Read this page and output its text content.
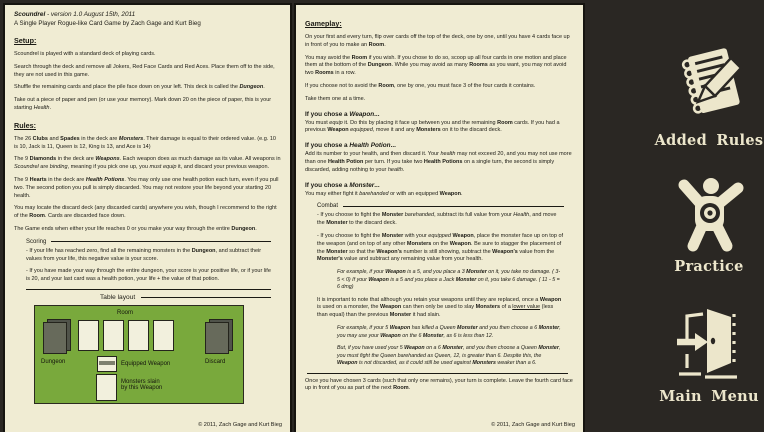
Scoundrel - version 1.0 August 15th, 2011
A Single Player Rogue-like Card Game by Zach Gage and Kurt Bieg
Setup:

Scoundrel is played with a standard deck of playing cards.

Search through the deck and remove all Jokers, Red Face Cards and Red Aces. Place them off to the side, they are not used in this game.

Shuffle the remaining cards and place the pile face down on your left. This deck is called the Dungeon.

Take out a piece of paper and pen (or use your memory). Mark down 20 on the piece of paper, this is your starting Health.

Rules:

The 26 Clubs and Spades in the deck are Monsters. Their damage is equal to their ordered value. (e.g. 10 is 10, Jack is 11, Queen is 12, King is 13, and Ace is 14)

The 9 Diamonds in the deck are Weapons. Each weapon does as much damage as its value. All weapons in Scoundrel are binding, meaning if you pick one up, you must equip it, and discard your previous weapon.

The 9 Hearts in the deck are Health Potions. You may only use one health potion each turn, even if you pull two. The second potion you pull is simply discarded. You may not restore your life beyond your starting 20 health.

You may locate the discard deck (any discarded cards) anywhere you wish, though I recommend to the right of the Room. Cards are discarded face down.

The Game ends when either your life reaches 0 or you make your way through the entire Dungeon.

Scoring

- If your life has reached zero, find all the remaining monsters in the Dungeon, and subtract their values from your life, this negative value is your score.

- If you have made your way through the entire dungeon, your score is your positive life, or if your life is 20, and your last card was a health potion, your life + the value of that potion.

Table layout
Room
Dungeon	Discard
Equipped Weapon
Monsters slain
by this Weapon
© 2011, Zach Gage and Kurt Bieg
Gameplay:

On your first and every turn, flip over cards off the top of the deck, one by one, until you have 4 cards face up in front of you to make an Room.

You may avoid the Room if you wish. If you chose to do so, scoop up all four cards in one motion and place them at the bottom of the Dungeon. While you may avoid as many Rooms as you want, you may not avoid two Rooms in a row.

If you choose not to avoid the Room, one by one, you must face 3 of the four cards it contains.

Take them one at a time.

If you chose a Weapon...

You must equip it. Do this by placing it face up between you and the remaining Room cards. If you had a previous Weapon equipped, move it and any Monsters on it to the discard deck.

If you chose a Health Potion...

Add its number to your health, and then discard it. Your health may not exceed 20, and you may not use more than one Health Potion per turn. If you take two Health Potions on a single turn, the second is simply discarded, adding nothing to your health.

If you chose a Monster...

You may either fight it barehanded or with an equipped Weapon.

Combat

- If you choose to fight the Monster barehanded, subtract its full value from your Health, and move the Monster to the discard deck.

- If you choose to fight the Monster with your equipped Weapon, place the monster face up on top of the weapon (and on top of any other Monsters on the Weapon. Be sure to stagger the placement of the Monster so that the Weapon's number is still showing, subtract the Weapon's value from the Monster's value and subtract any remaining value from your health.

For example, if your Weapon is a 5, and you place a 3 Monster on it, you take no damage. ( 3-5 < 0) If your Weapon is a 5 and you place a Jack Monster on it, you take 6 damage. ( 11 - 5 = 6 dmg)

It is important to note that although you retain your weapons until they are replaced, once a Weapon is used on a monster, the Weapon can then only be used to slay Monsters of a lower value (less than equal) than the previous Monster it had slain.

For example, if your 5 Weapon has killed a Queen Monster and you then choose a 6 Monster, you may use your Weapon on the 6 Monster, as 6 is less than 12.

But, if you have used your 5 Weapon on a 6 Monster, and you then choose a Queen Monster, you must fight the Queen barehanded as Queen, 12, is greater than 6. Despite this, the Weapon is not discarded, as it could still be used against Monsters weaker than a 6.

Once you have chosen 3 cards (such that only one remains), your turn is complete. Leave the fourth card face up in front of you as part of the next Room.

© 2011, Zach Gage and Kurt Bieg
Added Rules
Practice
Main Menu
